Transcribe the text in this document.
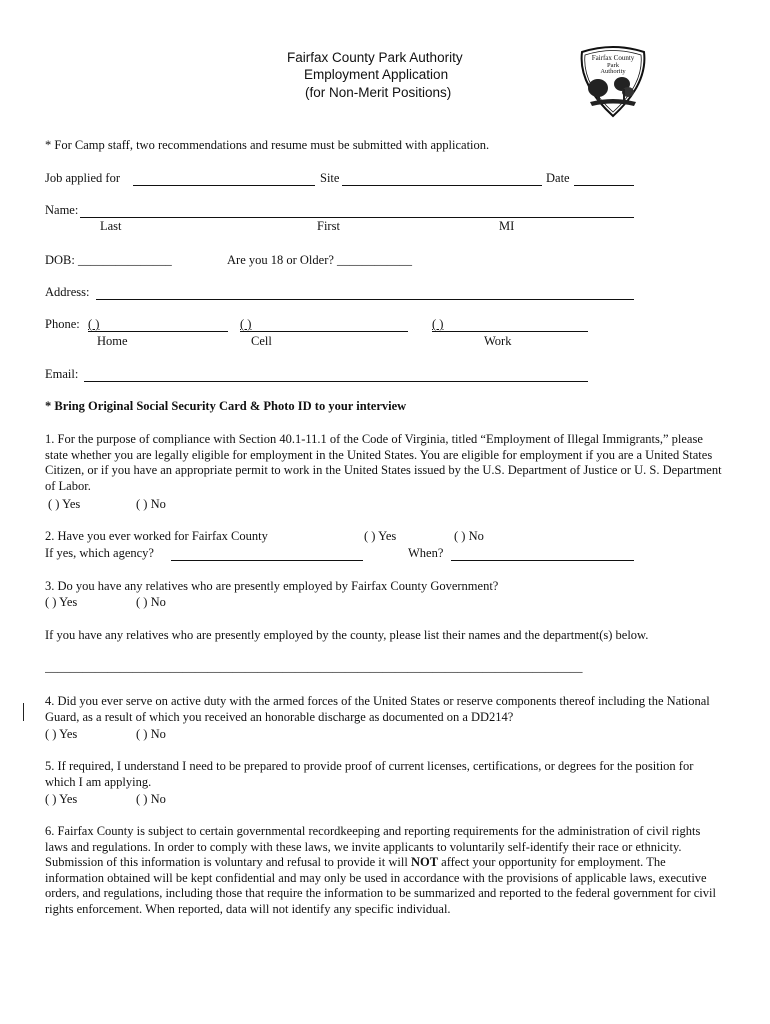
Fairfax County Park Authority
Employment Application
(for Non-Merit Positions)
Fairfax County
Park
Authority
* For Camp staff, two recommendations and resume must be submitted with application.
Job applied for	Site	Date
Name:
Last	First	MI
DOB: _______________	Are you 18 or Older? ____________
Address:
Phone: ( )	( )	( )
Home	Cell	Work
Email:
* Bring Original Social Security Card & Photo ID to your interview
1. For the purpose of compliance with Section 40.1-11.1 of the Code of Virginia, titled “Employment of Illegal Immigrants,” please state whether you are legally eligible for employment in the United States. You are eligible for employment if you are a United States Citizen, or if you have an appropriate permit to work in the United States issued by the U.S. Department of Justice or U. S. Department of Labor.
( ) Yes	( ) No
2. Have you ever worked for Fairfax County	( ) Yes	( ) No
If yes, which agency?	When?
3. Do you have any relatives who are presently employed by Fairfax County Government?
( ) Yes	( ) No
If you have any relatives who are presently employed by the county, please list their names and the department(s) below.
______________________________________________________________________________________
4. Did you ever serve on active duty with the armed forces of the United States or reserve components thereof including the National Guard, as a result of which you received an honorable discharge as documented on a DD214?
( ) Yes	( ) No
5. If required, I understand I need to be prepared to provide proof of current licenses, certifications, or degrees for the position for which I am applying.
( ) Yes	( ) No
6. Fairfax County is subject to certain governmental recordkeeping and reporting requirements for the administration of civil rights laws and regulations. In order to comply with these laws, we invite applicants to voluntarily self-identify their race or ethnicity. Submission of this information is voluntary and refusal to provide it will NOT affect your opportunity for employment. The information obtained will be kept confidential and may only be used in accordance with the provisions of applicable laws, executive orders, and regulations, including those that require the information to be summarized and reported to the federal government for civil rights enforcement. When reported, data will not identify any specific individual.
